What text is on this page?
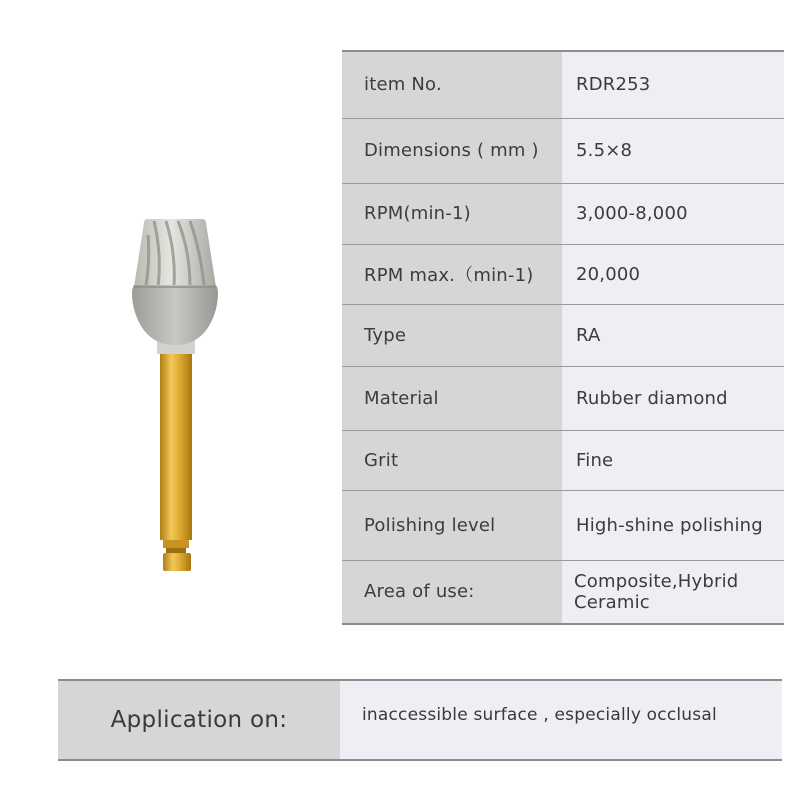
item No.	RDR253
Dimensions ( mm )	5.5×8
RPM(min-1)	3,000-8,000
RPM max.（min-1)	20,000
Type	RA
Material	Rubber diamond
Grit	Fine
Polishing level	High-shine polishing
Area of use:	Composite,Hybrid
Ceramic
Application on:	inaccessible surface , especially occlusal
